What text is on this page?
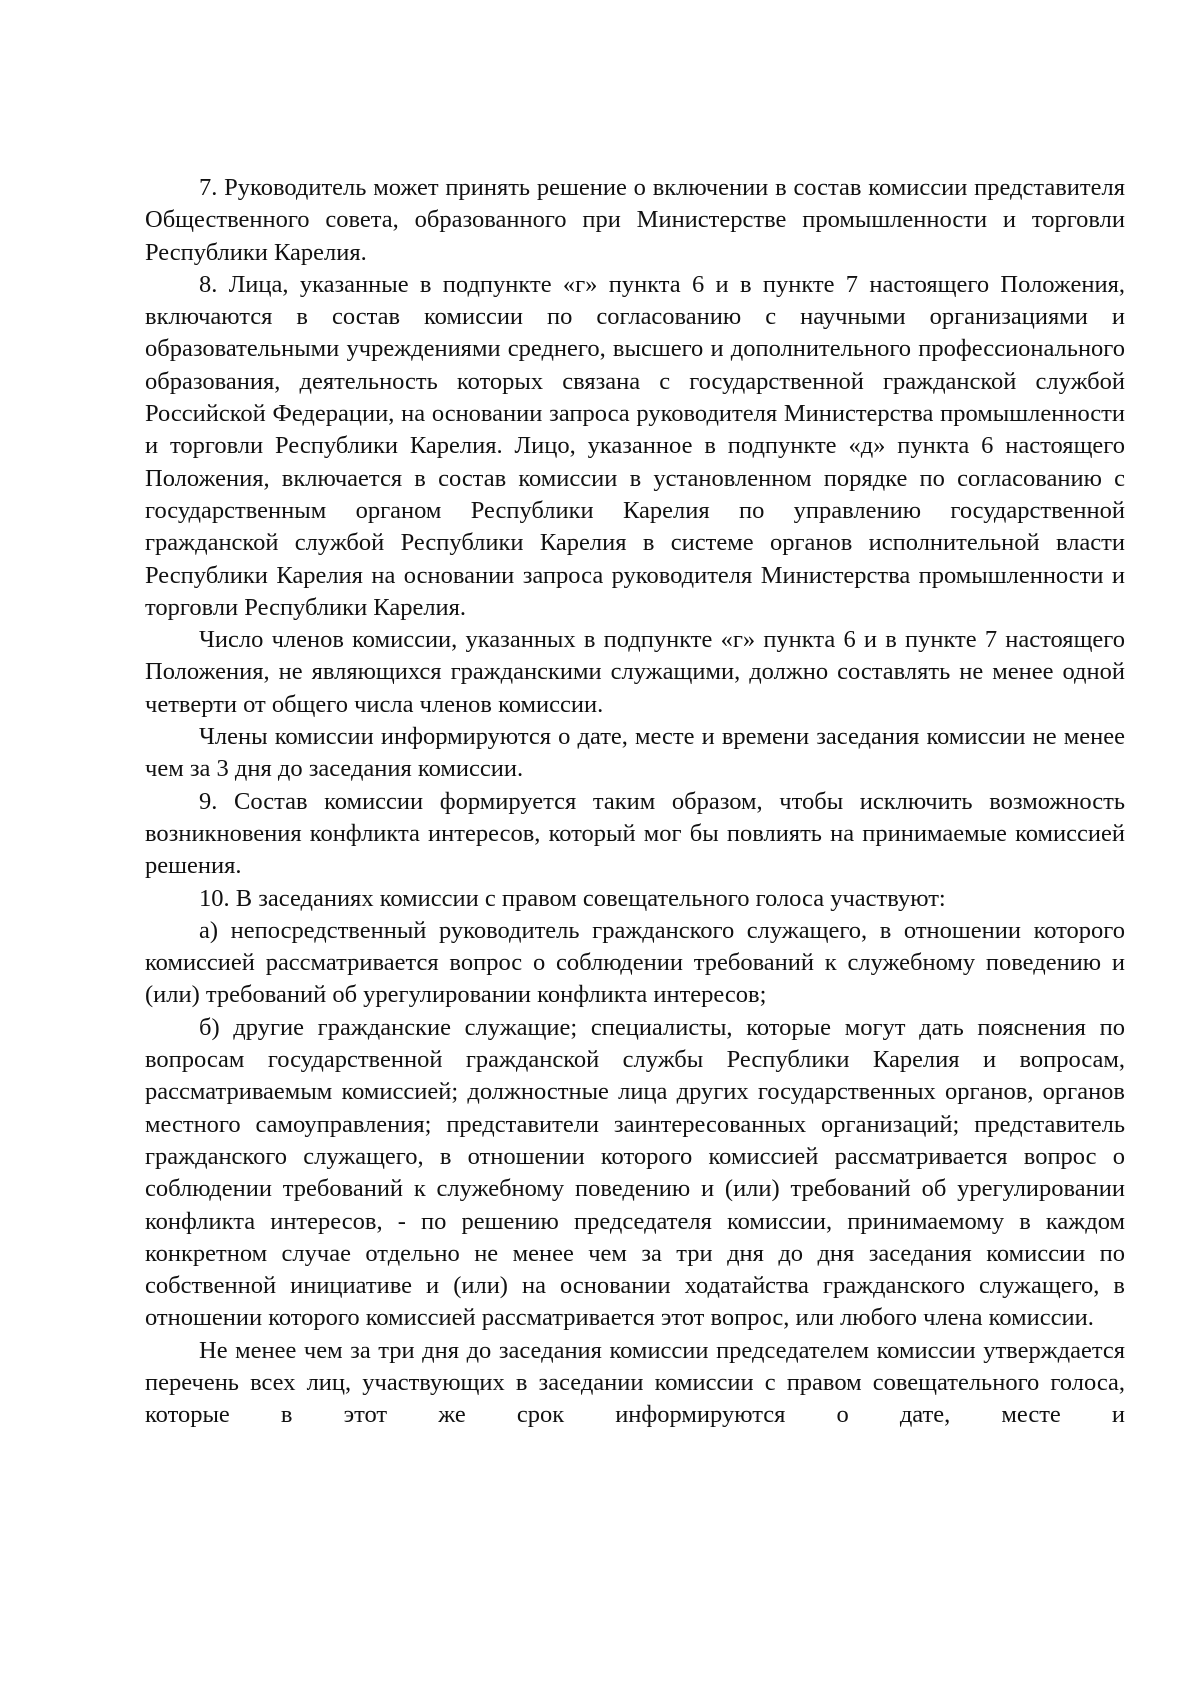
7. Руководитель может принять решение о включении в состав комиссии представителя Общественного совета, образованного при Министерстве промышленности и торговли Республики Карелия.

8. Лица, указанные в подпункте «г» пункта 6 и в пункте 7 настоящего Положения, включаются в состав комиссии по согласованию с научными организациями и образовательными учреждениями среднего, высшего и дополнительного профессионального образования, деятельность которых связана с государственной гражданской службой Российской Федерации, на основании запроса руководителя Министерства промышленности и торговли Республики Карелия. Лицо, указанное в подпункте «д» пункта 6 настоящего Положения, включается в состав комиссии в установленном порядке по согласованию с государственным органом Республики Карелия по управлению государственной гражданской службой Республики Карелия в системе органов исполнительной власти Республики Карелия на основании запроса руководителя Министерства промышленности и торговли Республики Карелия.

Число членов комиссии, указанных в подпункте «г» пункта 6 и в пункте 7 настоящего Положения, не являющихся гражданскими служащими, должно составлять не менее одной четверти от общего числа членов комиссии.

Члены комиссии информируются о дате, месте и времени заседания комиссии не менее чем за 3 дня до заседания комиссии.

9. Состав комиссии формируется таким образом, чтобы исключить возможность возникновения конфликта интересов, который мог бы повлиять на принимаемые комиссией решения.

10. В заседаниях комиссии с правом совещательного голоса участвуют:

а) непосредственный руководитель гражданского служащего, в отношении которого комиссией рассматривается вопрос о соблюдении требований к служебному поведению и (или) требований об урегулировании конфликта интересов;

б) другие гражданские служащие; специалисты, которые могут дать пояснения по вопросам государственной гражданской службы Республики Карелия и вопросам, рассматриваемым комиссией; должностные лица других государственных органов, органов местного самоуправления; представители заинтересованных организаций; представитель гражданского служащего, в отношении которого комиссией рассматривается вопрос о соблюдении требований к служебному поведению и (или) требований об урегулировании конфликта интересов, - по решению председателя комиссии, принимаемому в каждом конкретном случае отдельно не менее чем за три дня до дня заседания комиссии по собственной инициативе и (или) на основании ходатайства гражданского служащего, в отношении которого комиссией рассматривается этот вопрос, или любого члена комиссии.

Не менее чем за три дня до заседания комиссии председателем комиссии утверждается перечень всех лиц, участвующих в заседании комиссии с правом совещательного голоса, которые в этот же срок информируются о дате, месте и
